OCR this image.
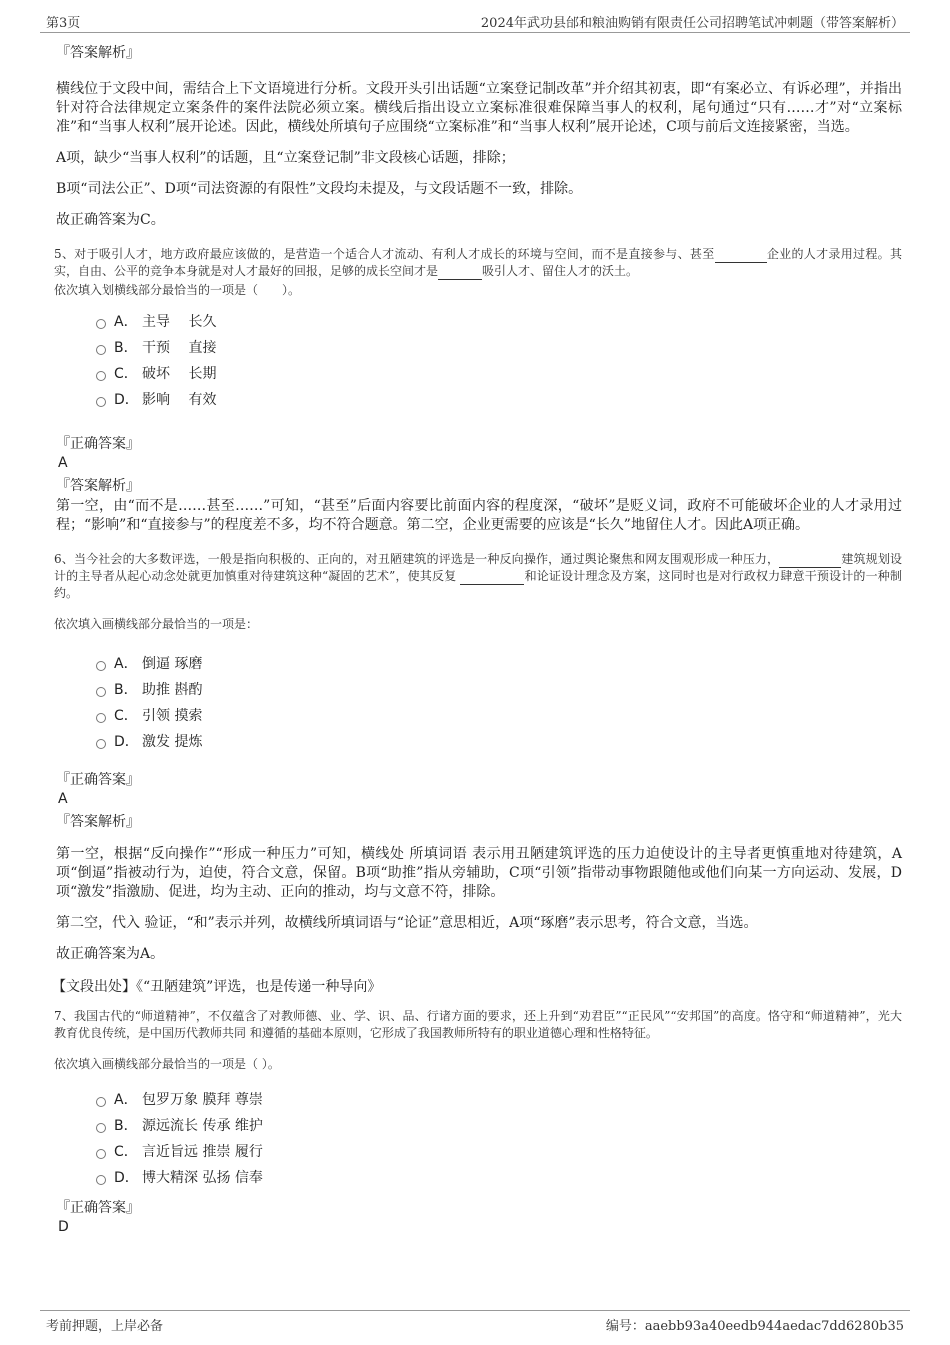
第3页	2024年武功县邰和粮油购销有限责任公司招聘笔试冲刺题（带答案解析）
『答案解析』

横线位于文段中间，需结合上下文语境进行分析。文段开头引出话题“立案登记制改革”并介绍其初衷，即“有案必立、有诉必理”，并指出针对符合法律规定立案条件的案件法院必须立案。横线后指出设立立案标准很难保障当事人的权利，尾句通过“只有……才”对“立案标准”和“当事人权利”展开论述。因此，横线处所填句子应围绕“立案标准”和“当事人权利”展开论述，C项与前后文连接紧密，当选。

A项，缺少“当事人权利”的话题，且“立案登记制”非文段核心话题，排除；

B项“司法公正”、D项“司法资源的有限性”文段均未提及，与文段话题不一致，排除。

故正确答案为C。

5、对于吸引人才，地方政府最应该做的，是营造一个适合人才流动、有利人才成长的环境与空间，而不是直接参与、甚至	企业的人才录用过程。其实，自由、公平的竞争本身就是对人才最好的回报，足够的成长空间才是	吸引人才、留住人才的沃土。
依次填入划横线部分最恰当的一项是（　　）。
A． 主导　 长久
B． 干预　 直接
C． 破坏　 长期
D． 影响　 有效
『正确答案』
A
『答案解析』

第一空，由“而不是……甚至……”可知，“甚至”后面内容要比前面内容的程度深，“破坏”是贬义词，政府不可能破坏企业的人才录用过程；“影响”和“直接参与”的程度差不多，均不符合题意。第二空，企业更需要的应该是“长久”地留住人才。因此A项正确。

6、当今社会的大多数评选，一般是指向积极的、正向的，对丑陋建筑的评选是一种反向操作，通过舆论聚焦和网友围观形成一种压力，	建筑规划设计的主导者从起心动念处就更加慎重对待建筑这种“凝固的艺术”，使其反复	和论证设计理念及方案，这同时也是对行政权力肆意干预设计的一种制约。
依次填入画横线部分最恰当的一项是：
A． 倒逼 琢磨
B． 助推 斟酌
C． 引领 摸索
D． 激发 提炼
『正确答案』
A
『答案解析』

第一空，根据“反向操作”“形成一种压力”可知，横线处 所填词语 表示用丑陋建筑评选的压力迫使设计的主导者更慎重地对待建筑，A项“倒逼”指被动行为，迫使，符合文意，保留。B项“助推”指从旁辅助，C项“引领”指带动事物跟随他或他们向某一方向运动、发展，D项“激发”指激励、促进，均为主动、正向的推动，均与文意不符，排除。

第二空，代入 验证，“和”表示并列，故横线所填词语与“论证”意思相近，A项“琢磨”表示思考，符合文意，当选。

故正确答案为A。

【文段出处】《“丑陋建筑”评选，也是传递一种导向》
7、我国古代的“师道精神”，不仅蕴含了对教师德、业、学、识、品、行诸方面的要求，还上升到“劝君臣”“正民风”“安邦国”的高度。恪守和“师道精神”，光大教育优良传统，是中国历代教师共同 和遵循的基础本原则，它形成了我国教师所特有的职业道德心理和性格特征。
依次填入画横线部分最恰当的一项是（ ）。
A． 包罗万象 膜拜 尊崇
B． 源远流长 传承 维护
C． 言近旨远 推崇 履行
D． 博大精深 弘扬 信奉
『正确答案』
D
考前押题，上岸必备	编号：aaebb93a40eedb944aedac7dd6280b35
